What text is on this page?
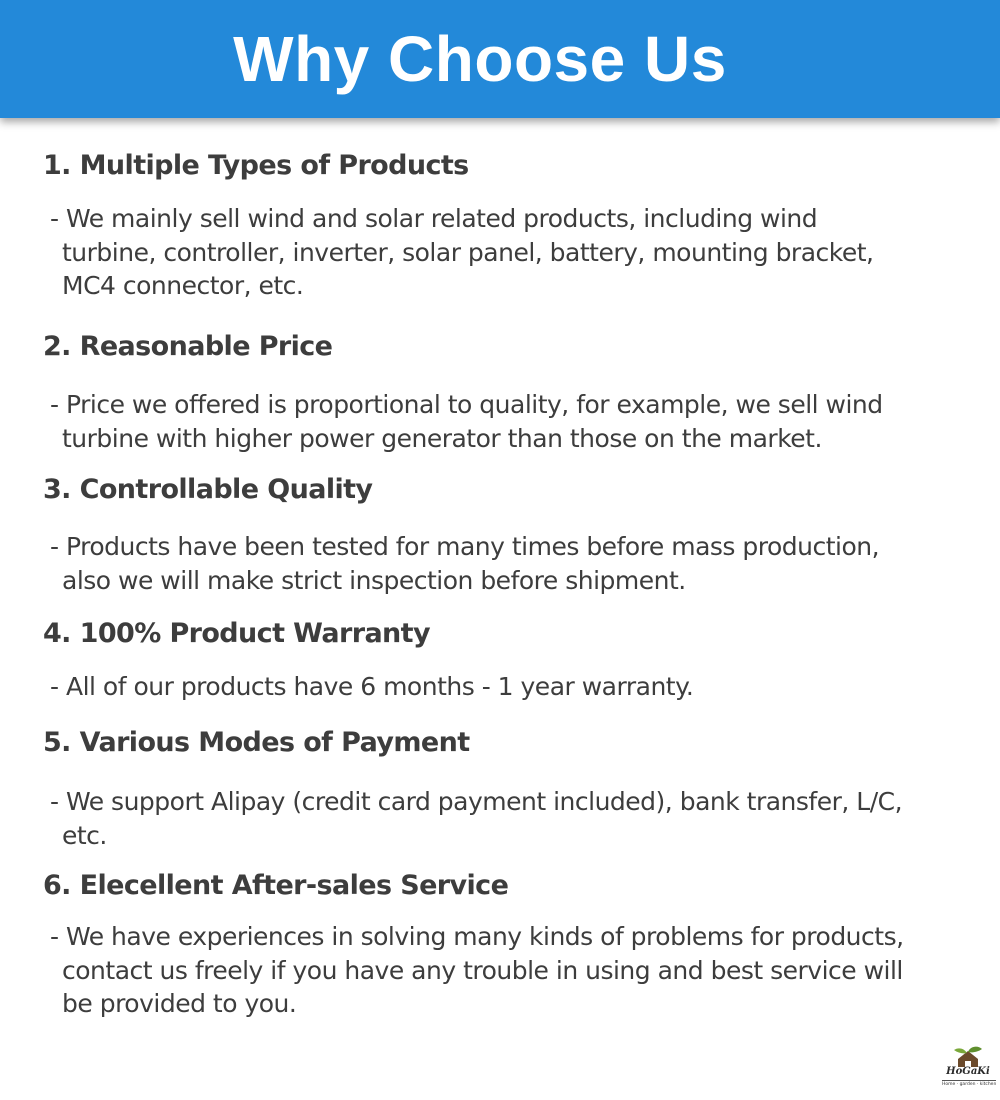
Why Choose Us
1. Multiple Types of Products
- We mainly sell wind and solar related products, including wind
turbine, controller, inverter, solar panel, battery, mounting bracket,
MC4 connector, etc.
2. Reasonable Price
- Price we offered is proportional to quality, for example, we sell wind
turbine with higher power generator than those on the market.
3. Controllable Quality
- Products have been tested for many times before mass production,
also we will make strict inspection before shipment.
4. 100% Product Warranty
- All of our products have 6 months - 1 year warranty.
5. Various Modes of Payment
- We support Alipay (credit card payment included), bank transfer, L/C,
etc.
6. Elecellent After-sales Service
- We have experiences in solving many kinds of problems for products,
contact us freely if you have any trouble in using and best service will
be provided to you.
HoGaKi
Home · garden · kitchen
